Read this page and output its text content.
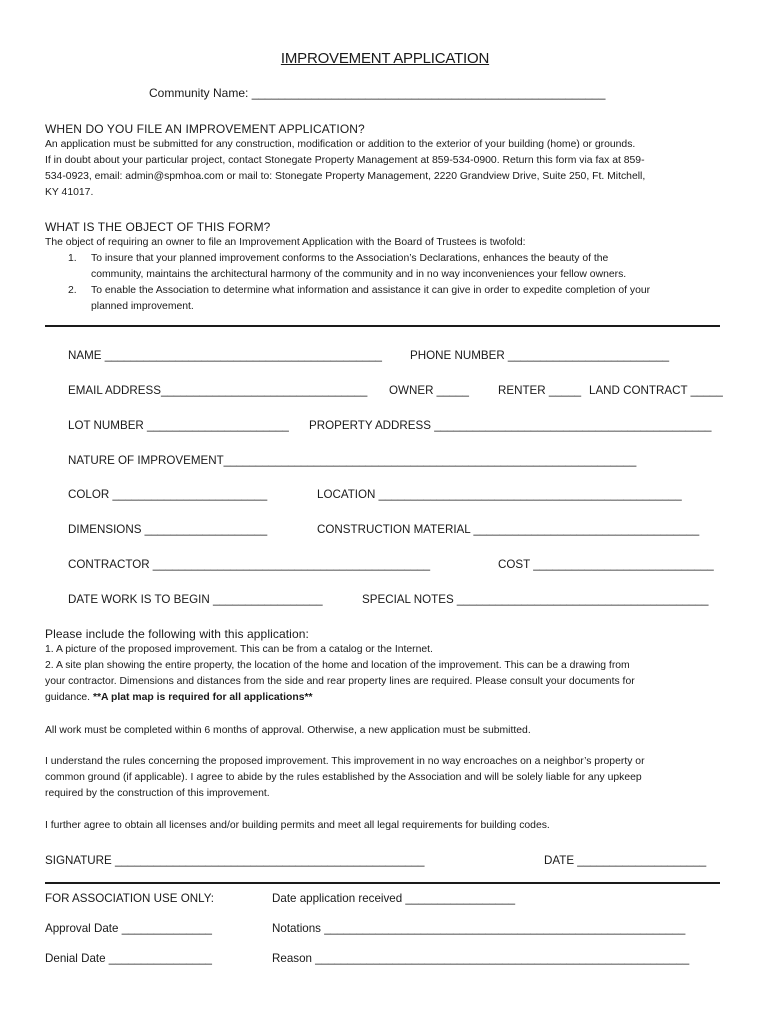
IMPROVEMENT APPLICATION
Community Name: _____________________________________________________
WHEN DO YOU FILE AN IMPROVEMENT APPLICATION?
An application must be submitted for any construction, modification or addition to the exterior of your building (home) or grounds.
If in doubt about your particular project, contact Stonegate Property Management at 859-534-0900. Return this form via fax at 859-
534-0923, email: admin@spmhoa.com or mail to: Stonegate Property Management, 2220 Grandview Drive, Suite 250, Ft. Mitchell,
KY 41017.
WHAT IS THE OBJECT OF THIS FORM?
The object of requiring an owner to file an Improvement Application with the Board of Trustees is twofold:
1. To insure that your planned improvement conforms to the Association’s Declarations, enhances the beauty of the
community, maintains the architectural harmony of the community and in no way inconveniences your fellow owners.
2. To enable the Association to determine what information and assistance it can give in order to expedite completion of your
planned improvement.
NAME ___________________________________________ PHONE NUMBER _________________________
EMAIL ADDRESS________________________________ OWNER _____	RENTER _____ LAND CONTRACT _____
LOT NUMBER ______________________ PROPERTY ADDRESS ___________________________________________
NATURE OF IMPROVEMENT________________________________________________________________
COLOR ________________________	LOCATION _______________________________________________
DIMENSIONS ___________________	CONSTRUCTION MATERIAL ___________________________________
CONTRACTOR ___________________________________________	COST ____________________________
DATE WORK IS TO BEGIN _________________	SPECIAL NOTES _______________________________________
Please include the following with this application:
1. A picture of the proposed improvement. This can be from a catalog or the Internet.
2. A site plan showing the entire property, the location of the home and location of the improvement. This can be a drawing from
your contractor. Dimensions and distances from the side and rear property lines are required. Please consult your documents for
guidance. **A plat map is required for all applications**
All work must be completed within 6 months of approval. Otherwise, a new application must be submitted.
I understand the rules concerning the proposed improvement. This improvement in no way encroaches on a neighbor’s property or
common ground (if applicable). I agree to abide by the rules established by the Association and will be solely liable for any upkeep
required by the construction of this improvement.
I further agree to obtain all licenses and/or building permits and meet all legal requirements for building codes.
SIGNATURE ________________________________________________	DATE ____________________
FOR ASSOCIATION USE ONLY:	Date application received _________________
Approval Date ______________	Notations ________________________________________________________
Denial Date ________________	Reason __________________________________________________________
